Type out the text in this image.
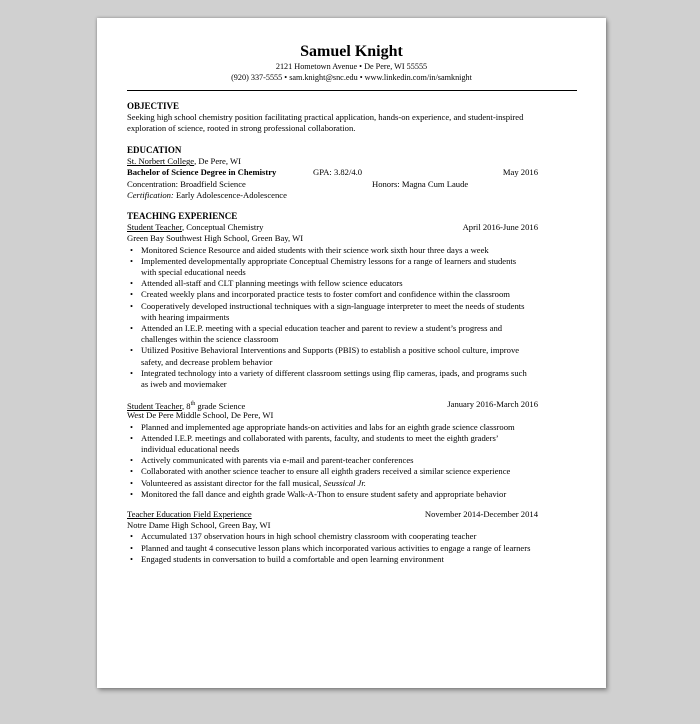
Samuel Knight
2121 Hometown Avenue • De Pere, WI 55555
(920) 337-5555 • sam.knight@snc.edu • www.linkedin.com/in/samknight
OBJECTIVE
Seeking high school chemistry position facilitating practical application, hands-on experience, and student-inspired
exploration of science, rooted in strong professional collaboration.
EDUCATION
St. Norbert College, De Pere, WI
Bachelor of Science Degree in Chemistry	GPA: 3.82/4.0	May 2016
Concentration: Broadfield Science	Honors: Magna Cum Laude
Certification: Early Adolescence-Adolescence
TEACHING EXPERIENCE
Student Teacher, Conceptual Chemistry	April 2016-June 2016
Green Bay Southwest High School, Green Bay, WI
• Monitored Science Resource and aided students with their science work sixth hour three days a week
• Implemented developmentally appropriate Conceptual Chemistry lessons for a range of learners and students
with special educational needs
• Attended all-staff and CLT planning meetings with fellow science educators
• Created weekly plans and incorporated practice tests to foster comfort and confidence within the classroom
• Cooperatively developed instructional techniques with a sign-language interpreter to meet the needs of students
with hearing impairments
• Attended an I.E.P. meeting with a special education teacher and parent to review a student’s progress and
challenges within the science classroom
• Utilized Positive Behavioral Interventions and Supports (PBIS) to establish a positive school culture, improve
safety, and decrease problem behavior
• Integrated technology into a variety of different classroom settings using flip cameras, ipads, and programs such
as iweb and moviemaker
Student Teacher, 8th grade Science	January 2016-March 2016
West De Pere Middle School, De Pere, WI
• Planned and implemented age appropriate hands-on activities and labs for an eighth grade science classroom
• Attended I.E.P. meetings and collaborated with parents, faculty, and students to meet the eighth graders’
individual educational needs
• Actively communicated with parents via e-mail and parent-teacher conferences
• Collaborated with another science teacher to ensure all eighth graders received a similar science experience
• Volunteered as assistant director for the fall musical, Seussical Jr.
• Monitored the fall dance and eighth grade Walk-A-Thon to ensure student safety and appropriate behavior
Teacher Education Field Experience	November 2014-December 2014
Notre Dame High School, Green Bay, WI
• Accumulated 137 observation hours in high school chemistry classroom with cooperating teacher
• Planned and taught 4 consecutive lesson plans which incorporated various activities to engage a range of learners
• Engaged students in conversation to build a comfortable and open learning environment
